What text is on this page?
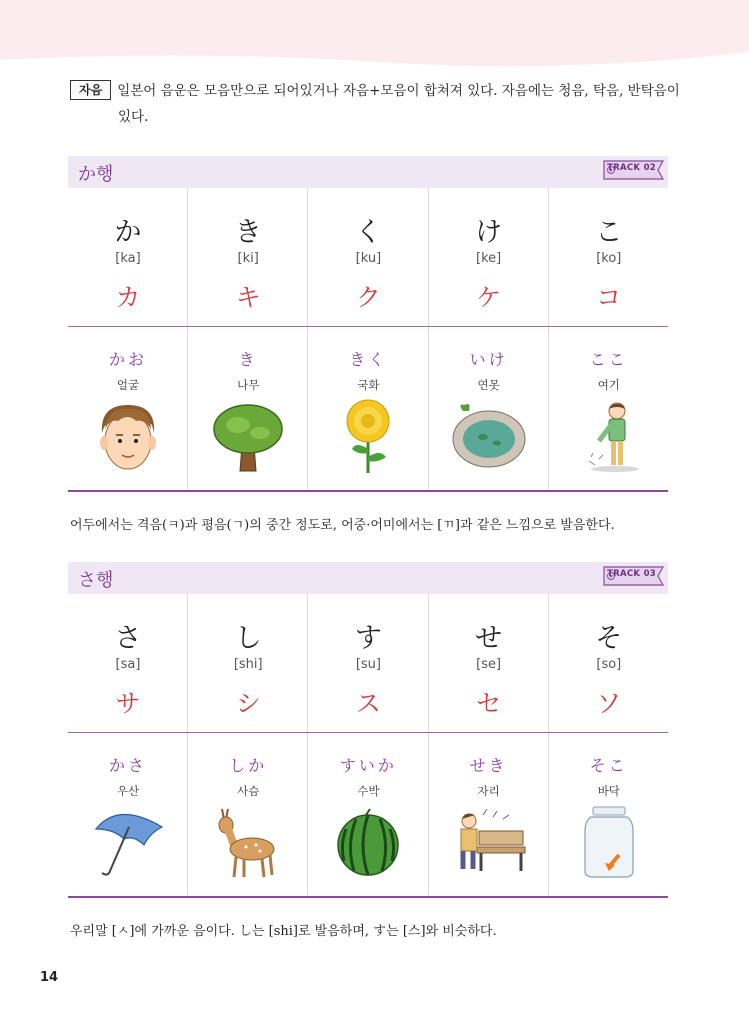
자음 일본어 음운은 모음만으로 되어있거나 자음+모음이 합쳐져 있다. 자음에는 청음, 탁음, 반탁음이
있다.
か행	TRACK 02
か
[ka]
カ
き
[ki]
キ
く
[ku]
ク
け
[ke]
ケ
こ
[ko]
コ
かお
얼굴
き
나무
きく
국화
いけ
연못
ここ
여기
어두에서는 격음(ㅋ)과 평음(ㄱ)의 중간 정도로, 어중·어미에서는 [ㄲ]과 같은 느낌으로 발음한다.
さ행	TRACK 03
さ
[sa]
サ
し
[shi]
シ
す
[su]
ス
せ
[se]
セ
そ
[so]
ソ
かさ
우산
しか
사슴
すいか
수박
せき
자리
そこ
바닥
우리말 [ㅅ]에 가까운 음이다. し는 [shi]로 발음하며, す는 [스]와 비슷하다.
14
